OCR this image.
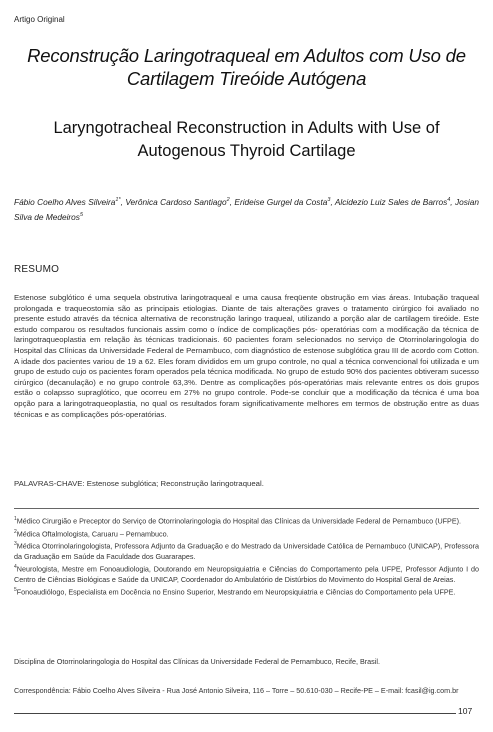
Artigo Original
Reconstrução Laringotraqueal em Adultos com Uso de Cartilagem Tireóide Autógena
Laryngotracheal Reconstruction in Adults with Use of Autogenous Thyroid Cartilage
Fábio Coelho Alves Silveira$^{1*}$, Verônica Cardoso Santiago$^2$, Erideise Gurgel da Costa$^3$, Alcidezio Luiz Sales de Barros$^4$, Josian Silva de Medeiros$^5$
RESUMO
Estenose subglótico é uma sequela obstrutiva laringotraqueal e uma causa freqüente obstrução em vias áreas. Intubação traqueal prolongada e traqueostomia são as principais etiologias. Diante de tais alterações graves o tratamento cirúrgico foi avaliado no presente estudo através da técnica alternativa de reconstrução laringo traqueal, utilizando a porção alar de cartilagem tireóide. Este estudo comparou os resultados funcionais assim como o índice de complicações pós- operatórias com a modificação da técnica de laringotraqueoplastia em relação às técnicas tradicionais. 60 pacientes foram selecionados no serviço de Otorrinolaringologia do Hospital das Clínicas da Universidade Federal de Pernambuco, com diagnóstico de estenose subglótica grau III de acordo com Cotton. A idade dos pacientes variou de 19 a 62. Eles foram divididos em um grupo controle, no qual a técnica convencional foi utilizada e um grupo de estudo cujo os pacientes foram operados pela técnica modificada. No grupo de estudo 90% dos pacientes obtiveram sucesso cirúrgico (decanulação) e no grupo controle 63,3%. Dentre as complicações pós-operatórias mais relevante entres os dois grupos estão o colapsso supraglótico, que ocorreu em 27% no grupo controle. Pode-se concluir que a modificação da técnica é uma boa opção para a laringotraqueoplastia, no qual os resultados foram significativamente melhores em termos de obstrução entre as duas técnicas e as complicações pós-operatórias.
PALAVRAS-CHAVE: Estenose subglótica; Reconstrução laringotraqueal.
$^1$Médico Cirurgião e Preceptor do Serviço de Otorrinolaringologia do Hospital das Clínicas da Universidade Federal de Pernambuco (UFPE).
$^2$Médica Oftalmologista, Caruaru – Pernambuco.
$^3$Médica Otorrinolaringologista, Professora Adjunto da Graduação e do Mestrado da Universidade Católica de Pernambuco (UNICAP), Professora da Graduação em Saúde da Faculdade dos Guararapes.
$^4$Neurologista, Mestre em Fonoaudiologia, Doutorando em Neuropsiquiatria e Ciências do Comportamento pela UFPE, Professor Adjunto I do Centro de Ciências Biológicas e Saúde da UNICAP, Coordenador do Ambulatório de Distúrbios do Movimento do Hospital Geral de Areias.
$^5$Fonoaudiólogo, Especialista em Docência no Ensino Superior, Mestrando em Neuropsiquiatria e Ciências do Comportamento pela UFPE.
Disciplina de Otorrinolaringologia do Hospital das Clínicas da Universidade Federal de Pernambuco, Recife, Brasil.
Correspondência: Fábio Coelho Alves Silveira - Rua José Antonio Silveira, 116 – Torre – 50.610-030 – Recife-PE – E-mail: fcasil@ig.com.br
107
